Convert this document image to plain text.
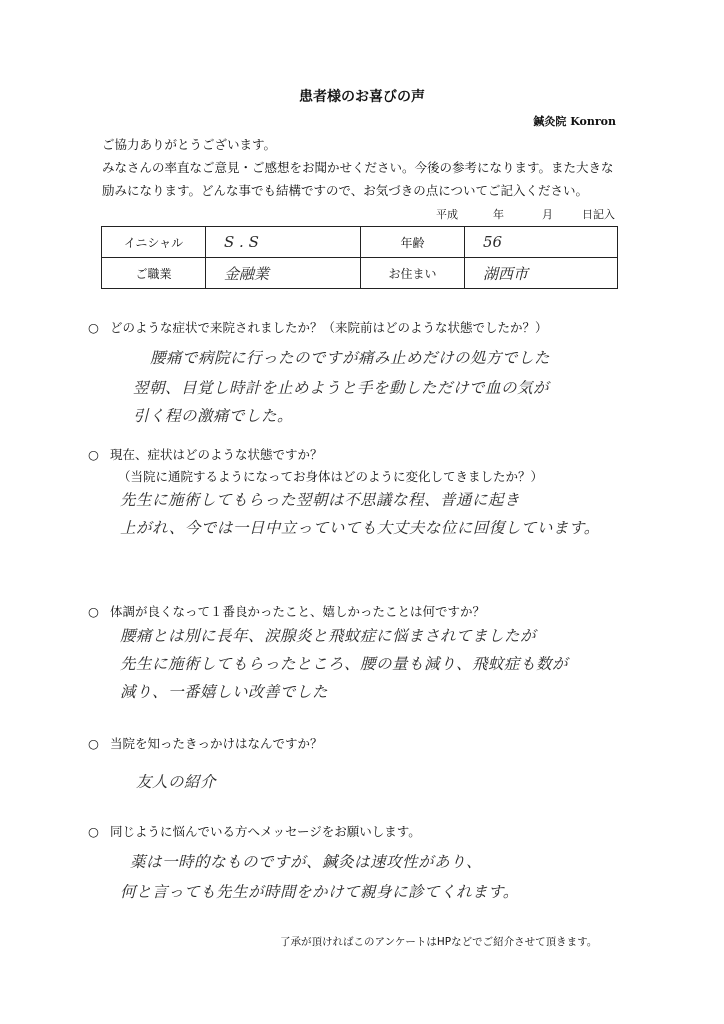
患者様のお喜びの声
鍼灸院 Konron
ご協力ありがとうございます。
みなさんの率直なご意見・ご感想をお聞かせください。今後の参考になります。また大きな
励みになります。どんな事でも結構ですので、お気づきの点についてご記入ください。
平成	年	月	日記入
イニシャル	S . S	年齢	56
ご職業	金融業	お住まい	湖西市
○ どのような症状で来院されましたか？（来院前はどのような状態でしたか？）
腰痛で病院に行ったのですが痛み止めだけの処方でした
翌朝、目覚し時計を止めようと手を動しただけで血の気が
引く程の激痛でした。
○ 現在、症状はどのような状態ですか？
（当院に通院するようになってお身体はどのように変化してきましたか？）
先生に施術してもらった翌朝は不思議な程、普通に起き
上がれ、今では一日中立っていても大丈夫な位に回復しています。
○ 体調が良くなって１番良かったこと、嬉しかったことは何ですか？
腰痛とは別に長年、涙腺炎と飛蚊症に悩まされてましたが
先生に施術してもらったところ、腰の量も減り、飛蚊症も数が
減り、一番嬉しい改善でした
○ 当院を知ったきっかけはなんですか？
友人の紹介
○ 同じように悩んでいる方へメッセージをお願いします。
薬は一時的なものですが、鍼灸は速攻性があり、
何と言っても先生が時間をかけて親身に診てくれます。
了承が頂ければこのアンケートはHPなどでご紹介させて頂きます。
